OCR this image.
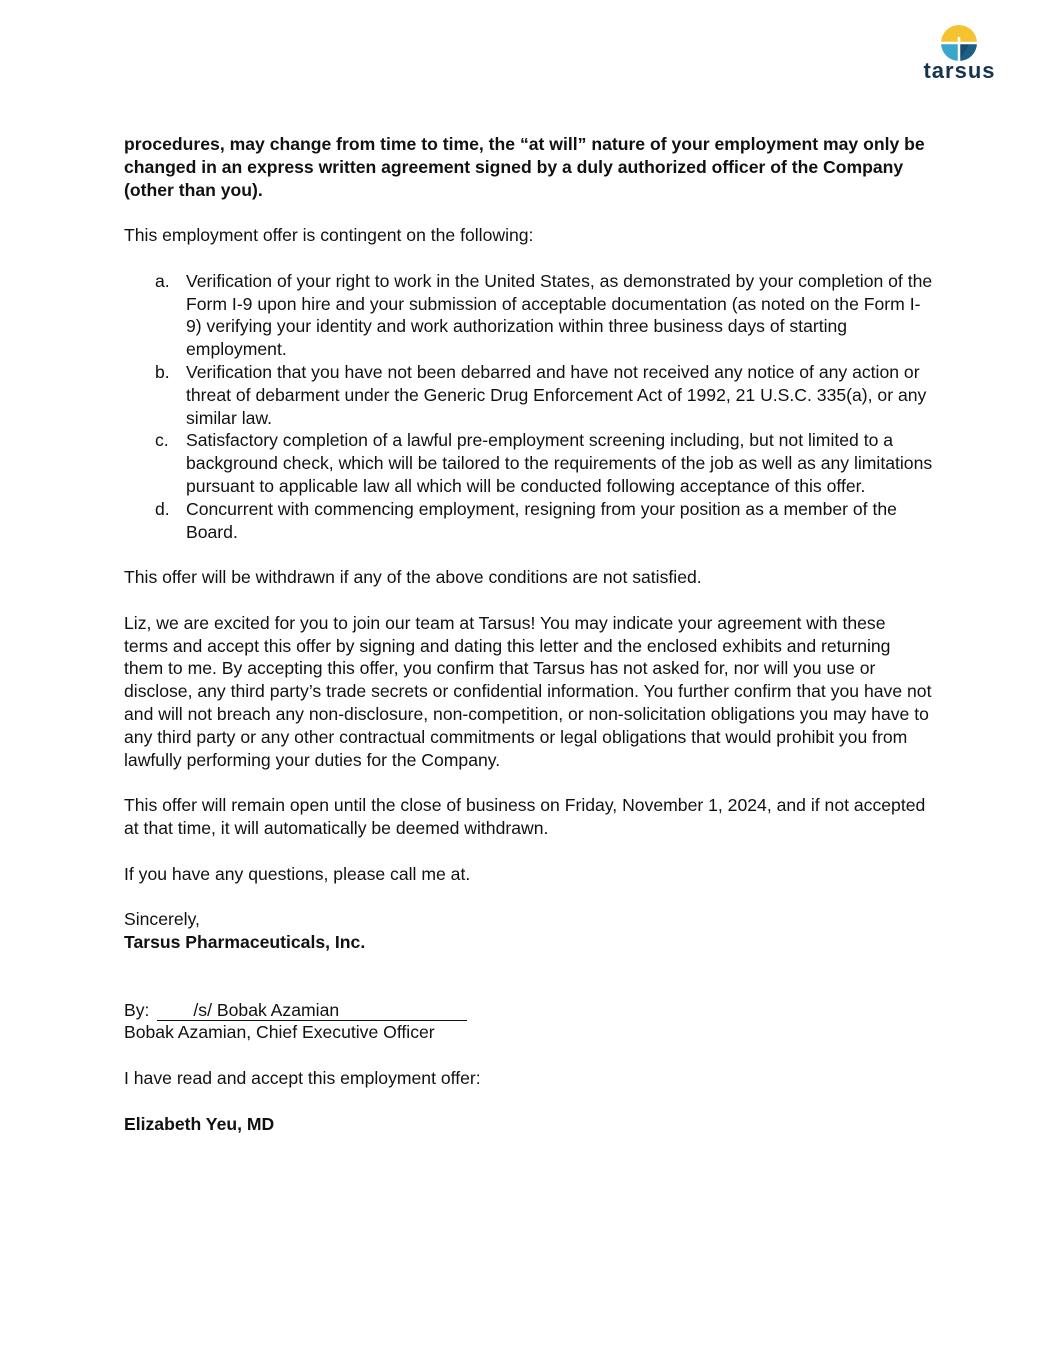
tarsus

procedures, may change from time to time, the “at will” nature of your employment may only be changed in an express written agreement signed by a duly authorized officer of the Company (other than you).

This employment offer is contingent on the following:

a. Verification of your right to work in the United States, as demonstrated by your completion of the Form I-9 upon hire and your submission of acceptable documentation (as noted on the Form I-9) verifying your identity and work authorization within three business days of starting employment.
b. Verification that you have not been debarred and have not received any notice of any action or threat of debarment under the Generic Drug Enforcement Act of 1992, 21 U.S.C. 335(a), or any similar law.
c. Satisfactory completion of a lawful pre-employment screening including, but not limited to a background check, which will be tailored to the requirements of the job as well as any limitations pursuant to applicable law all which will be conducted following acceptance of this offer.
d. Concurrent with commencing employment, resigning from your position as a member of the Board.

This offer will be withdrawn if any of the above conditions are not satisfied.

Liz, we are excited for you to join our team at Tarsus! You may indicate your agreement with these terms and accept this offer by signing and dating this letter and the enclosed exhibits and returning them to me. By accepting this offer, you confirm that Tarsus has not asked for, nor will you use or disclose, any third party’s trade secrets or confidential information. You further confirm that you have not and will not breach any non-disclosure, non-competition, or non-solicitation obligations you may have to any third party or any other contractual commitments or legal obligations that would prohibit you from lawfully performing your duties for the Company.

This offer will remain open until the close of business on Friday, November 1, 2024, and if not accepted at that time, it will automatically be deemed withdrawn.

If you have any questions, please call me at.

Sincerely,
Tarsus Pharmaceuticals, Inc.
By:	/s/ Bobak Azamian

Bobak Azamian, Chief Executive Officer

I have read and accept this employment offer:

Elizabeth Yeu, MD
